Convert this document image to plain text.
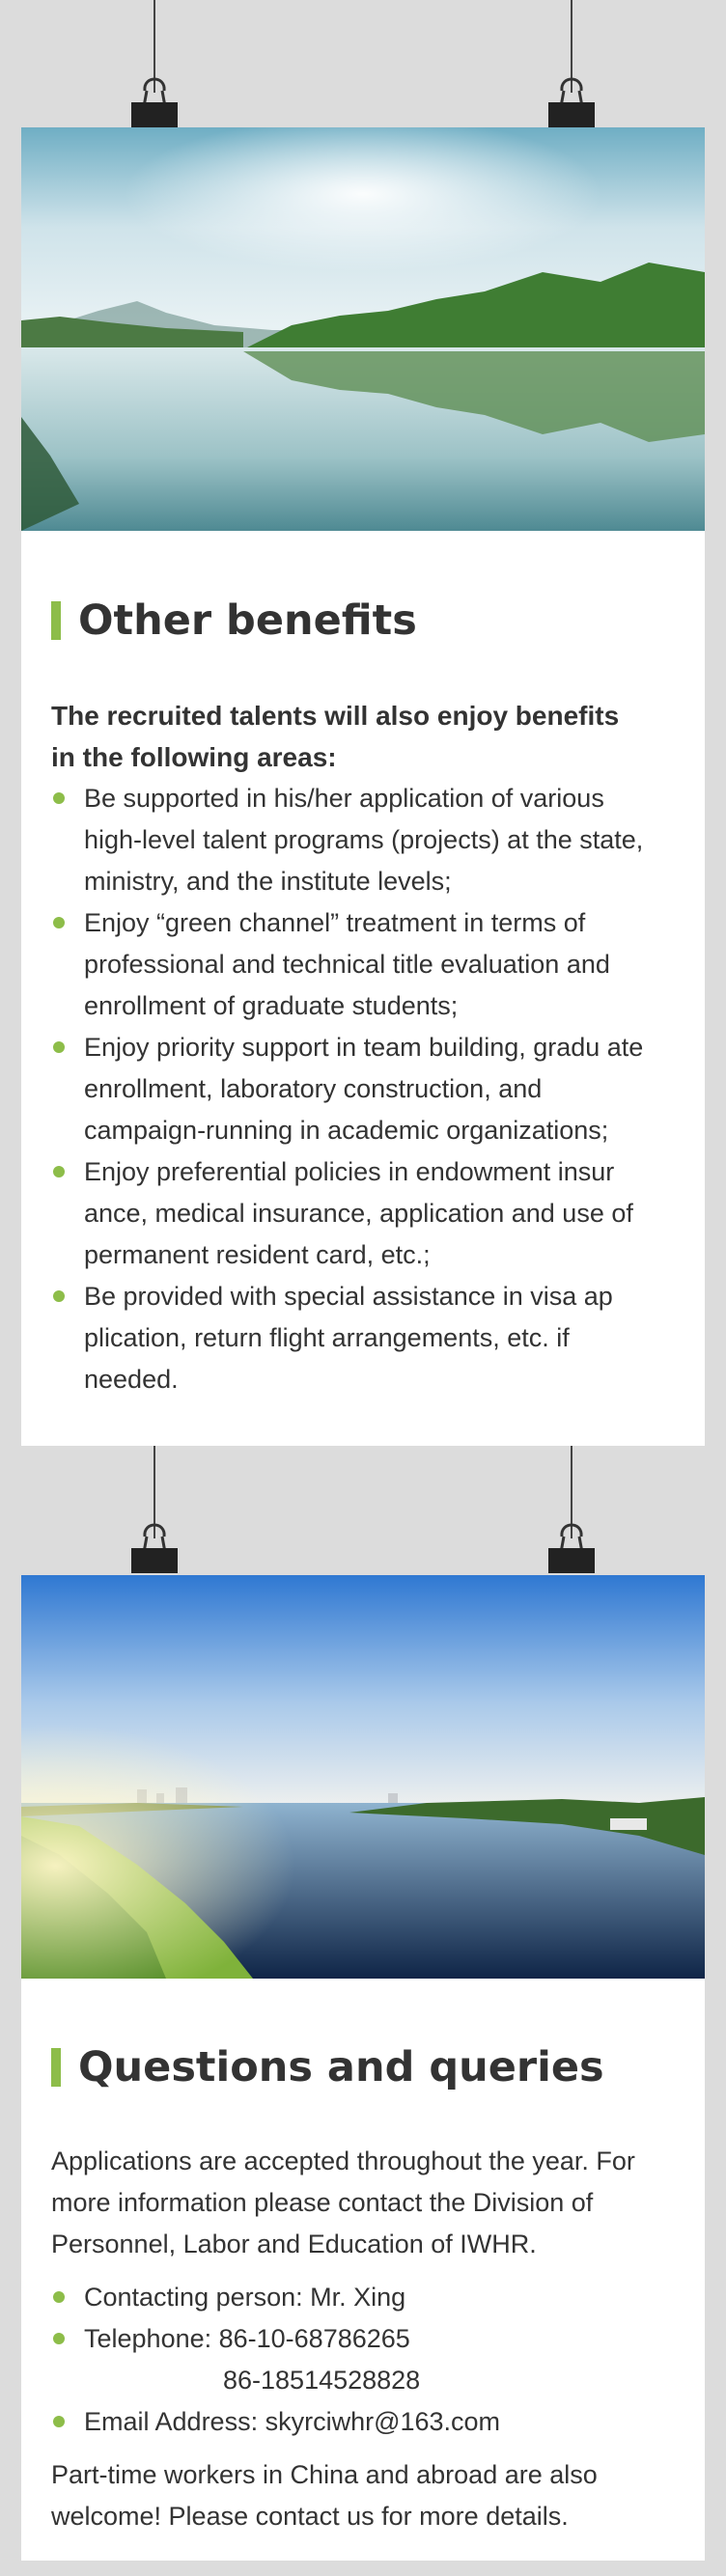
Other benefits

The recruited talents will also enjoy benefits in the following areas:

Be supported in his/her application of various high-level talent programs (projects) at the state, ministry, and the institute levels;
Enjoy “green channel” treatment in terms of professional and technical title evaluation and enrollment of graduate students;
Enjoy priority support in team building, gradu ate enrollment, laboratory construction, and campaign-running in academic organizations;
Enjoy preferential policies in endowment insur ance, medical insurance, application and use of permanent resident card, etc.;
Be provided with special assistance in visa ap plication, return flight arrangements, etc. if needed.
Questions and queries

Applications are accepted throughout the year. For more information please contact the Division of Personnel, Labor and Education of IWHR.

Contacting person: Mr. Xing
Telephone: 86-10-68786265
86-18514528828
Email Address: skyrciwhr@163.com

Part-time workers in China and abroad are also welcome! Please contact us for more details.
